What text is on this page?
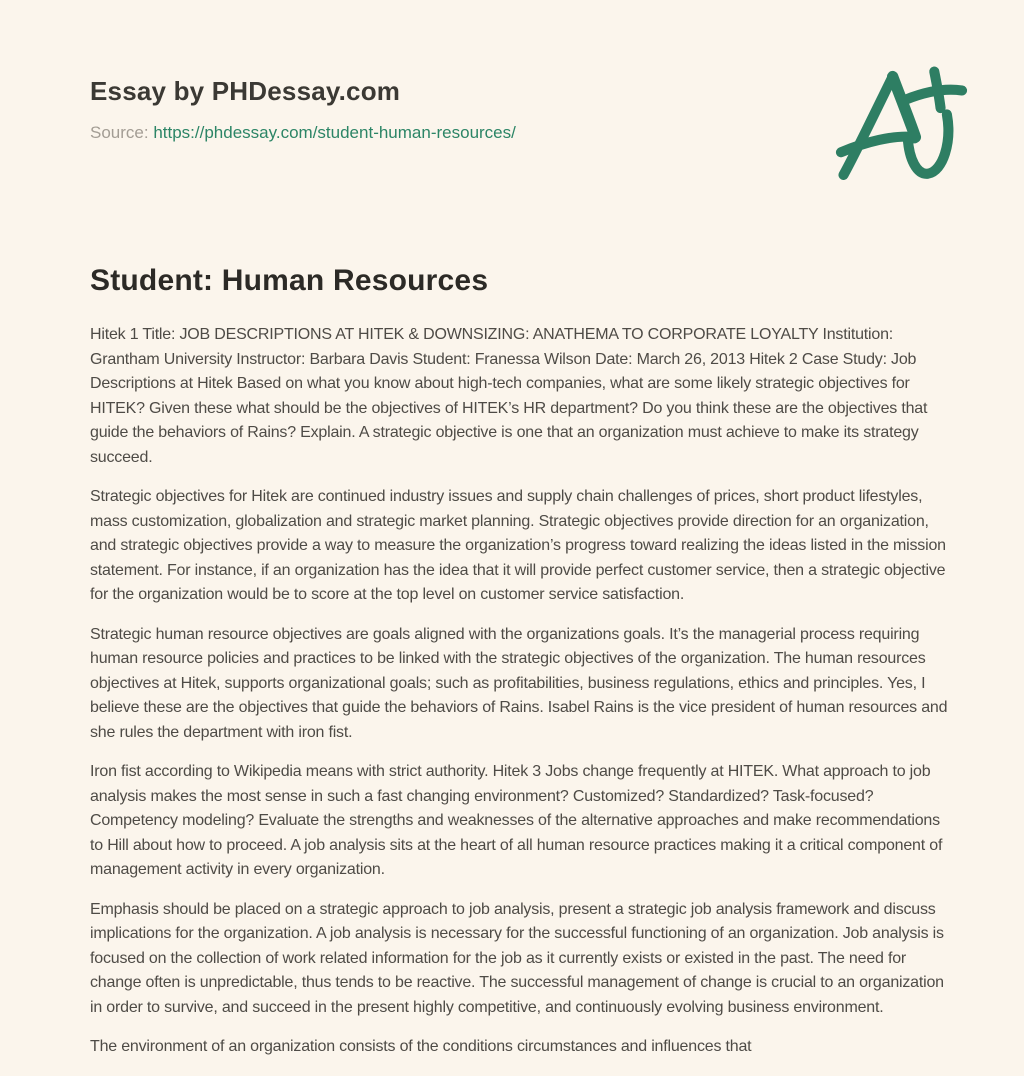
Essay by PHDessay.com
Source: https://phdessay.com/student-human-resources/
Student: Human Resources

Hitek 1 Title: JOB DESCRIPTIONS AT HITEK & DOWNSIZING: ANATHEMA TO CORPORATE LOYALTY Institution: Grantham University Instructor: Barbara Davis Student: Franessa Wilson Date: March 26, 2013 Hitek 2 Case Study: Job Descriptions at Hitek Based on what you know about high-tech companies, what are some likely strategic objectives for HITEK? Given these what should be the objectives of HITEK’s HR department? Do you think these are the objectives that guide the behaviors of Rains? Explain. A strategic objective is one that an organization must achieve to make its strategy succeed.

Strategic objectives for Hitek are continued industry issues and supply chain challenges of prices, short product lifestyles, mass customization, globalization and strategic market planning. Strategic objectives provide direction for an organization, and strategic objectives provide a way to measure the organization’s progress toward realizing the ideas listed in the mission statement. For instance, if an organization has the idea that it will provide perfect customer service, then a strategic objective for the organization would be to score at the top level on customer service satisfaction.

Strategic human resource objectives are goals aligned with the organizations goals. It’s the managerial process requiring human resource policies and practices to be linked with the strategic objectives of the organization. The human resources objectives at Hitek, supports organizational goals; such as profitabilities, business regulations, ethics and principles. Yes, I believe these are the objectives that guide the behaviors of Rains. Isabel Rains is the vice president of human resources and she rules the department with iron fist.

Iron fist according to Wikipedia means with strict authority. Hitek 3 Jobs change frequently at HITEK. What approach to job analysis makes the most sense in such a fast changing environment? Customized? Standardized? Task-focused? Competency modeling? Evaluate the strengths and weaknesses of the alternative approaches and make recommendations to Hill about how to proceed. A job analysis sits at the heart of all human resource practices making it a critical component of management activity in every organization.

Emphasis should be placed on a strategic approach to job analysis, present a strategic job analysis framework and discuss implications for the organization. A job analysis is necessary for the successful functioning of an organization. Job analysis is focused on the collection of work related information for the job as it currently exists or existed in the past. The need for change often is unpredictable, thus tends to be reactive. The successful management of change is crucial to an organization in order to survive, and succeed in the present highly competitive, and continuously evolving business environment.

The environment of an organization consists of the conditions circumstances and influences that
